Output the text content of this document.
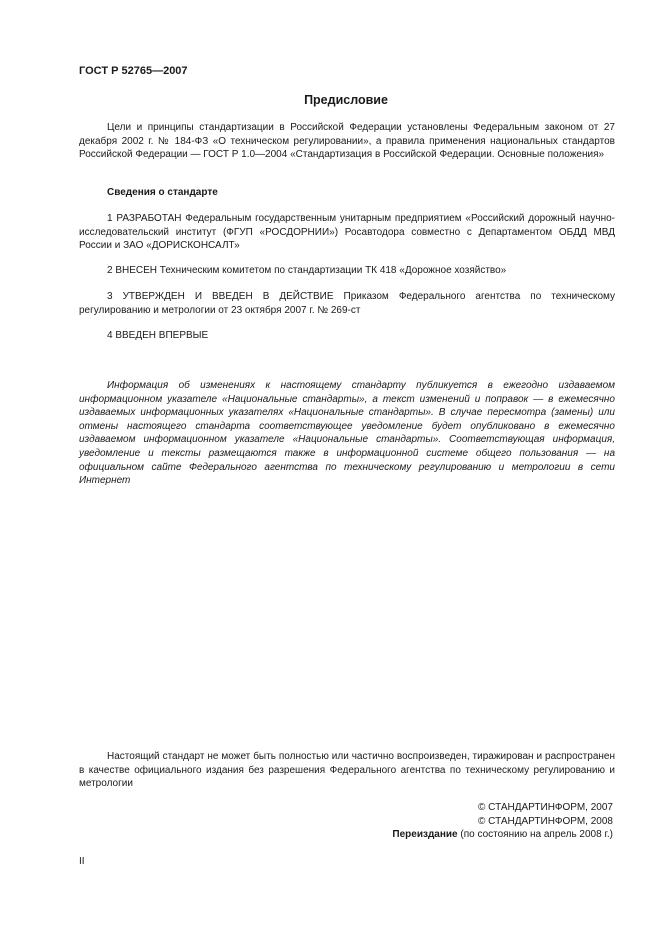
ГОСТ Р 52765—2007
Предисловие

Цели и принципы стандартизации в Российской Федерации установлены Федеральным законом от 27 декабря 2002 г. № 184-ФЗ «О техническом регулировании», а правила применения национальных стандартов Российской Федерации — ГОСТ Р 1.0—2004 «Стандартизация в Российской Федерации. Основные положения»

Сведения о стандарте

1 РАЗРАБОТАН Федеральным государственным унитарным предприятием «Российский дорожный научно-исследовательский институт (ФГУП «РОСДОРНИИ») Росавтодора совместно с Департаментом ОБДД МВД России и ЗАО «ДОРИСКОНСАЛТ»

2 ВНЕСЕН Техническим комитетом по стандартизации ТК 418 «Дорожное хозяйство»

3 УТВЕРЖДЕН И ВВЕДЕН В ДЕЙСТВИЕ Приказом Федерального агентства по техническому регулированию и метрологии от 23 октября 2007 г. № 269-ст

4 ВВЕДЕН ВПЕРВЫЕ

Информация об изменениях к настоящему стандарту публикуется в ежегодно издаваемом информационном указателе «Национальные стандарты», а текст изменений и поправок — в ежемесячно издаваемых информационных указателях «Национальные стандарты». В случае пересмотра (замены) или отмены настоящего стандарта соответствующее уведомление будет опубликовано в ежемесячно издаваемом информационном указателе «Национальные стандарты». Соответствующая информация, уведомление и тексты размещаются также в информационной системе общего пользования — на официальном сайте Федерального агентства по техническому регулированию и метрологии в сети Интернет

Настоящий стандарт не может быть полностью или частично воспроизведен, тиражирован и распространен в качестве официального издания без разрешения Федерального агентства по техническому регулированию и метрологии

© СТАНДАРТИНФОРМ, 2007
© СТАНДАРТИНФОРМ, 2008
Переиздание (по состоянию на апрель 2008 г.)
II
